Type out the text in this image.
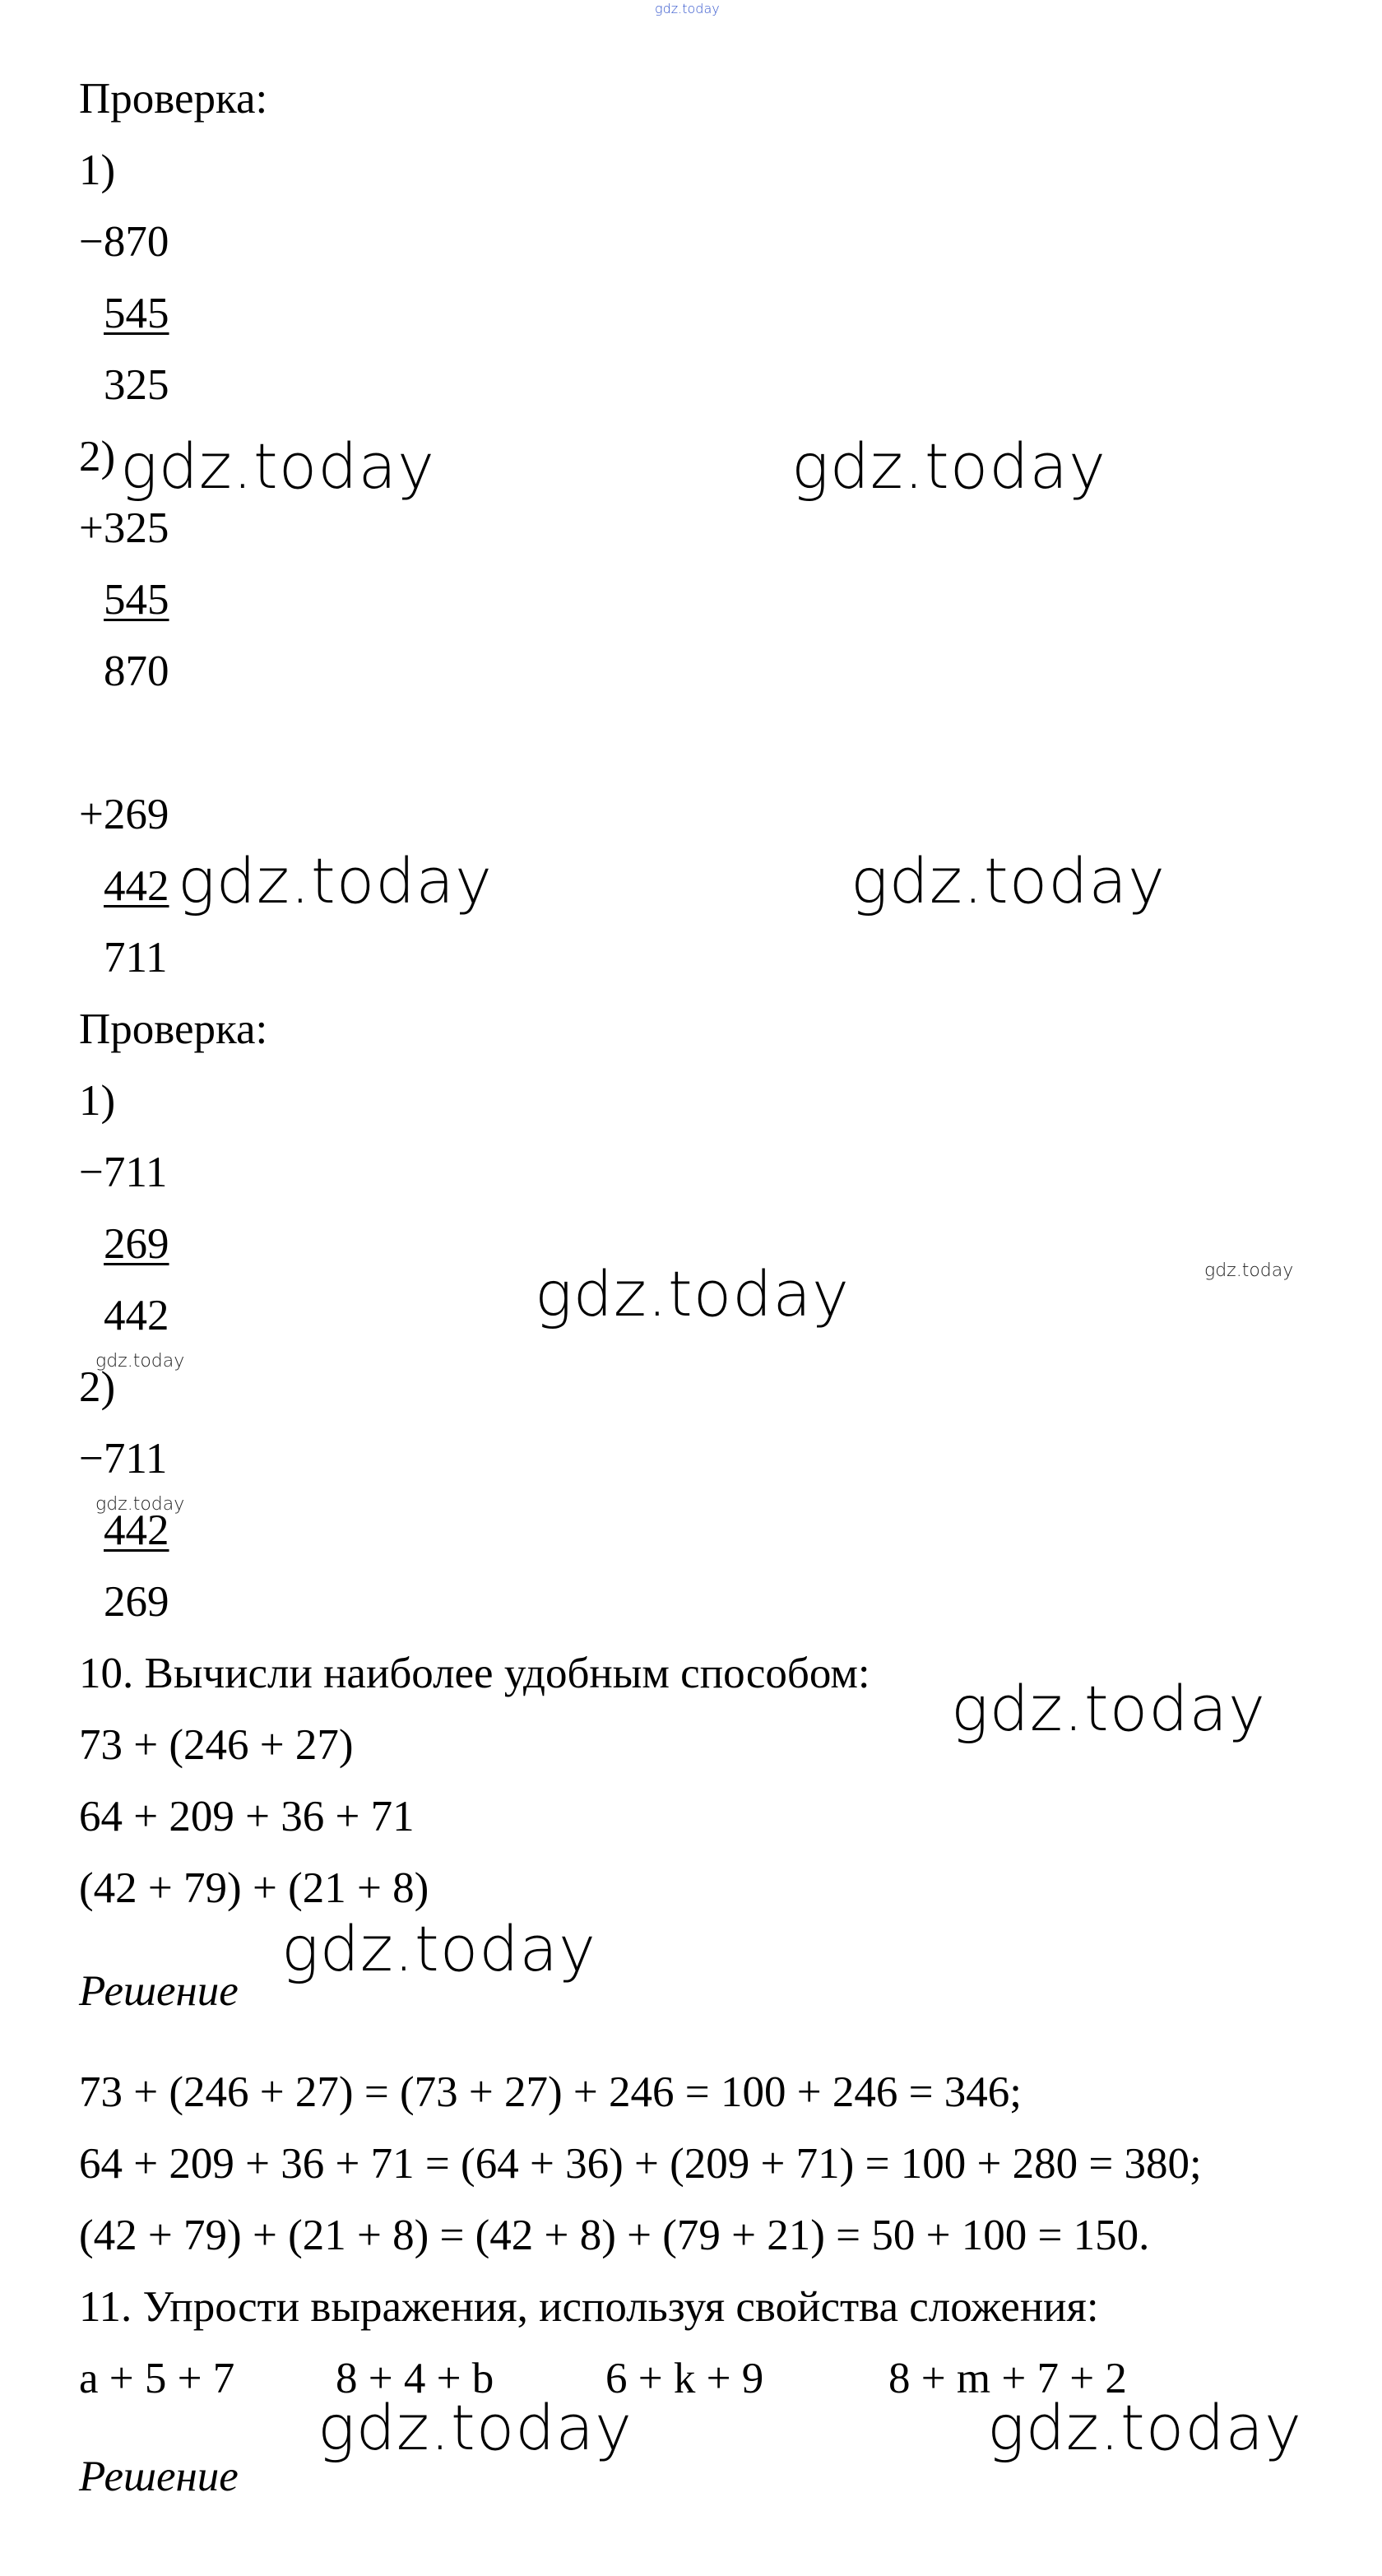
gdz.today
Проверка:
1)
−870
545
325
2)
+325
545
870
gdz.today	gdz.today
+269
442
711
gdz.today	gdz.today
Проверка:
1)
−711
269
442
2)
−711
442
269
gdz.today	gdz.today
gdz.today
gdz.today
10. Вычисли наиболее удобным способом:
73 + (246 + 27)
64 + 209 + 36 + 71
(42 + 79) + (21 + 8)
Решение
73 + (246 + 27) = (73 + 27) + 246 = 100 + 246 = 346;
64 + 209 + 36 + 71 = (64 + 36) + (209 + 71) = 100 + 280 = 380;
(42 + 79) + (21 + 8) = (42 + 8) + (79 + 21) = 50 + 100 = 150.
gdz.today
gdz.today
11. Упрости выражения, используя свойства сложения:
a + 5 + 7 8 + 4 + b	6 + k + 9	8 + m + 7 + 2
Решение
gdz.today	gdz.today
